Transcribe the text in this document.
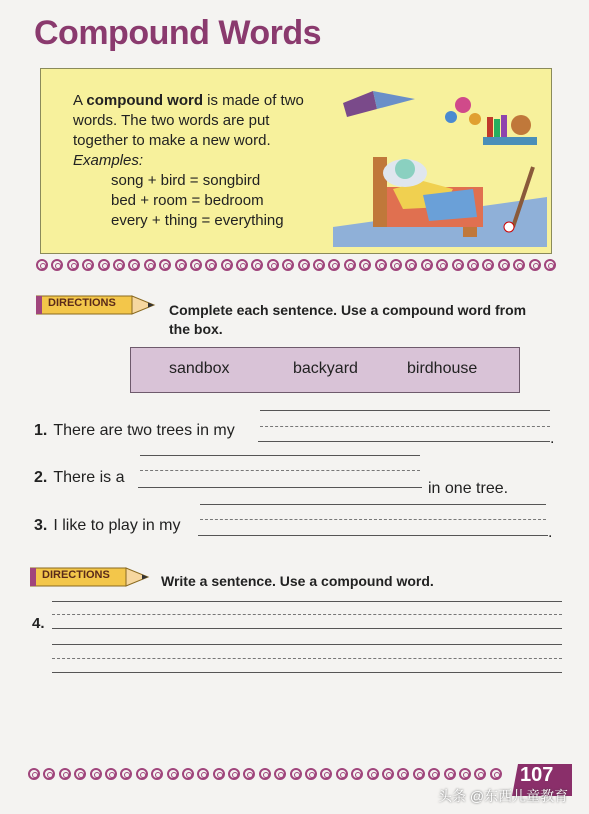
Compound Words
A compound word is made of two
words. The two words are put
together to make a new word.
Examples:
song + bird = songbird
bed + room = bedroom
every + thing = everything
DIRECTIONS	Complete each sentence. Use a compound word from
the box.
sandbox	backyard	birdhouse
1. There are two trees in my	.
2. There is a
in one tree.
3. I like to play in my	.
DIRECTIONS	Write a sentence. Use a compound word.
4.
107
头条 @东西儿童教育
